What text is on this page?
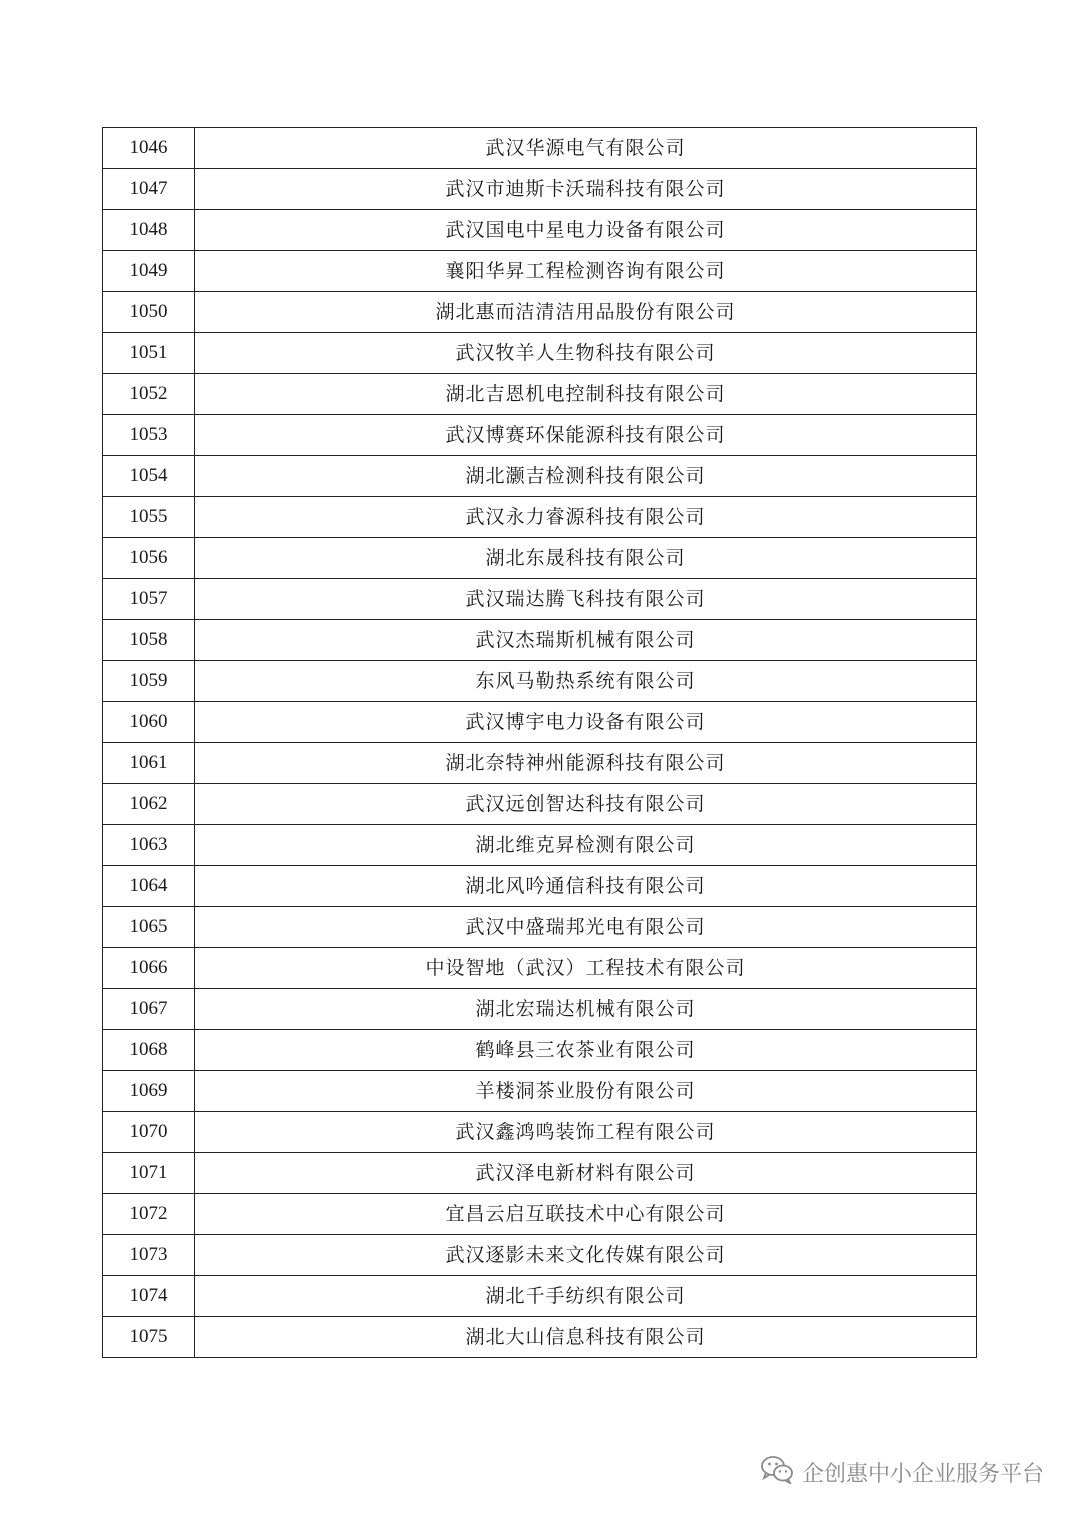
1046	武汉华源电气有限公司
1047	武汉市迪斯卡沃瑞科技有限公司
1048	武汉国电中星电力设备有限公司
1049	襄阳华昇工程检测咨询有限公司
1050	湖北惠而洁清洁用品股份有限公司
1051	武汉牧羊人生物科技有限公司
1052	湖北吉恩机电控制科技有限公司
1053	武汉博赛环保能源科技有限公司
1054	湖北灏吉检测科技有限公司
1055	武汉永力睿源科技有限公司
1056	湖北东晟科技有限公司
1057	武汉瑞达腾飞科技有限公司
1058	武汉杰瑞斯机械有限公司
1059	东风马勒热系统有限公司
1060	武汉博宇电力设备有限公司
1061	湖北奈特神州能源科技有限公司
1062	武汉远创智达科技有限公司
1063	湖北维克昇检测有限公司
1064	湖北风吟通信科技有限公司
1065	武汉中盛瑞邦光电有限公司
1066	中设智地（武汉）工程技术有限公司
1067	湖北宏瑞达机械有限公司
1068	鹤峰县三农茶业有限公司
1069	羊楼洞茶业股份有限公司
1070	武汉鑫鸿鸣装饰工程有限公司
1071	武汉泽电新材料有限公司
1072	宜昌云启互联技术中心有限公司
1073	武汉逐影未来文化传媒有限公司
1074	湖北千手纺织有限公司
1075	湖北大山信息科技有限公司
企创惠中小企业服务平台
